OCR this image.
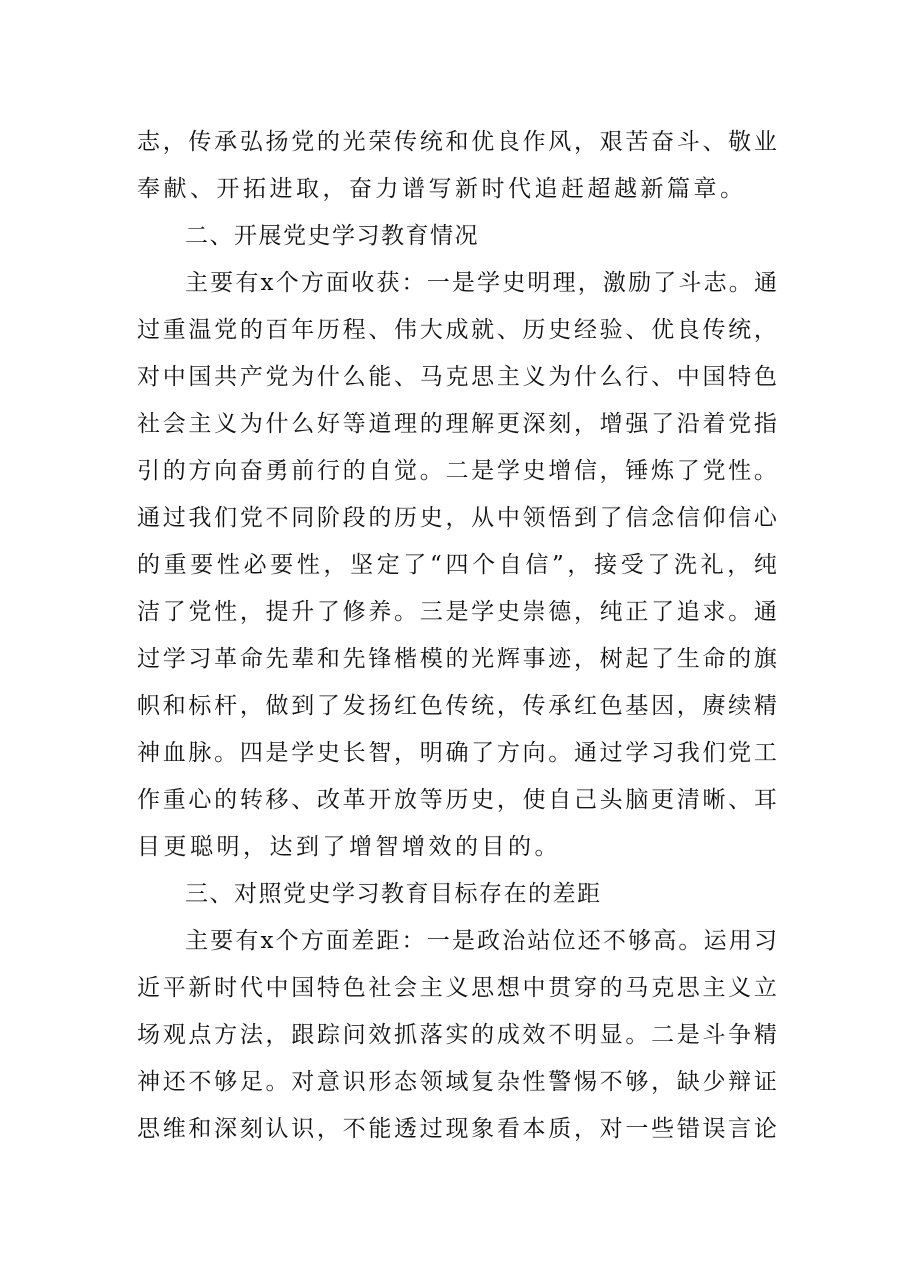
志 ， 传 承 弘 扬 党 的 光 荣 传 统 和 优 良 作 风 ， 艰 苦 奋 斗 、 敬 业
奉献、开拓进取，奋力谱写新时代追赶超越新篇章。
二、开展党史学习教育情况
主 要 有 x 个 方 面 收 获 ： 一 是 学 史 明 理 ， 激 励 了 斗 志 。 通
过 重 温 党 的 百 年 历 程 、 伟 大 成 就 、 历 史 经 验 、 优 良 传 统 ，
对 中 国 共 产 党 为 什 么 能 、 马 克 思 主 义 为 什 么 行 、 中 国 特 色
社 会 主 义 为 什 么 好 等 道 理 的 理 解 更 深 刻 ， 增 强 了 沿 着 党 指
引 的 方 向 奋 勇 前 行 的 自 觉 。 二 是 学 史 增 信 ， 锤 炼 了 党 性 。
通 过 我 们 党 不 同 阶 段 的 历 史 ， 从 中 领 悟 到 了 信 念 信 仰 信 心
的 重 要 性 必 要 性 ， 坚 定 了 “ 四 个 自 信 ” ， 接 受 了 洗 礼 ， 纯
洁 了 党 性 ， 提 升 了 修 养 。 三 是 学 史 崇 德 ， 纯 正 了 追 求 。 通
过 学 习 革 命 先 辈 和 先 锋 楷 模 的 光 辉 事 迹 ， 树 起 了 生 命 的 旗
帜 和 标 杆 ， 做 到 了 发 扬 红 色 传 统 ， 传 承 红 色 基 因 ， 赓 续 精
神 血 脉 。 四 是 学 史 长 智 ， 明 确 了 方 向 。 通 过 学 习 我 们 党 工
作 重 心 的 转 移 、 改 革 开 放 等 历 史 ， 使 自 己 头 脑 更 清 晰 、 耳
目更聪明，达到了增智增效的目的。
三、对照党史学习教育目标存在的差距
主 要 有 x 个 方 面 差 距 ： 一 是 政 治 站 位 还 不 够 高 。 运 用 习
近 平 新 时 代 中 国 特 色 社 会 主 义 思 想 中 贯 穿 的 马 克 思 主 义 立
场 观 点 方 法 ， 跟 踪 问 效 抓 落 实 的 成 效 不 明 显 。 二 是 斗 争 精
神 还 不 够 足 。 对 意 识 形 态 领 域 复 杂 性 警 惕 不 够 ， 缺 少 辩 证
思 维 和 深 刻 认 识 ， 不 能 透 过 现 象 看 本 质 ， 对 一 些 错 误 言 论
